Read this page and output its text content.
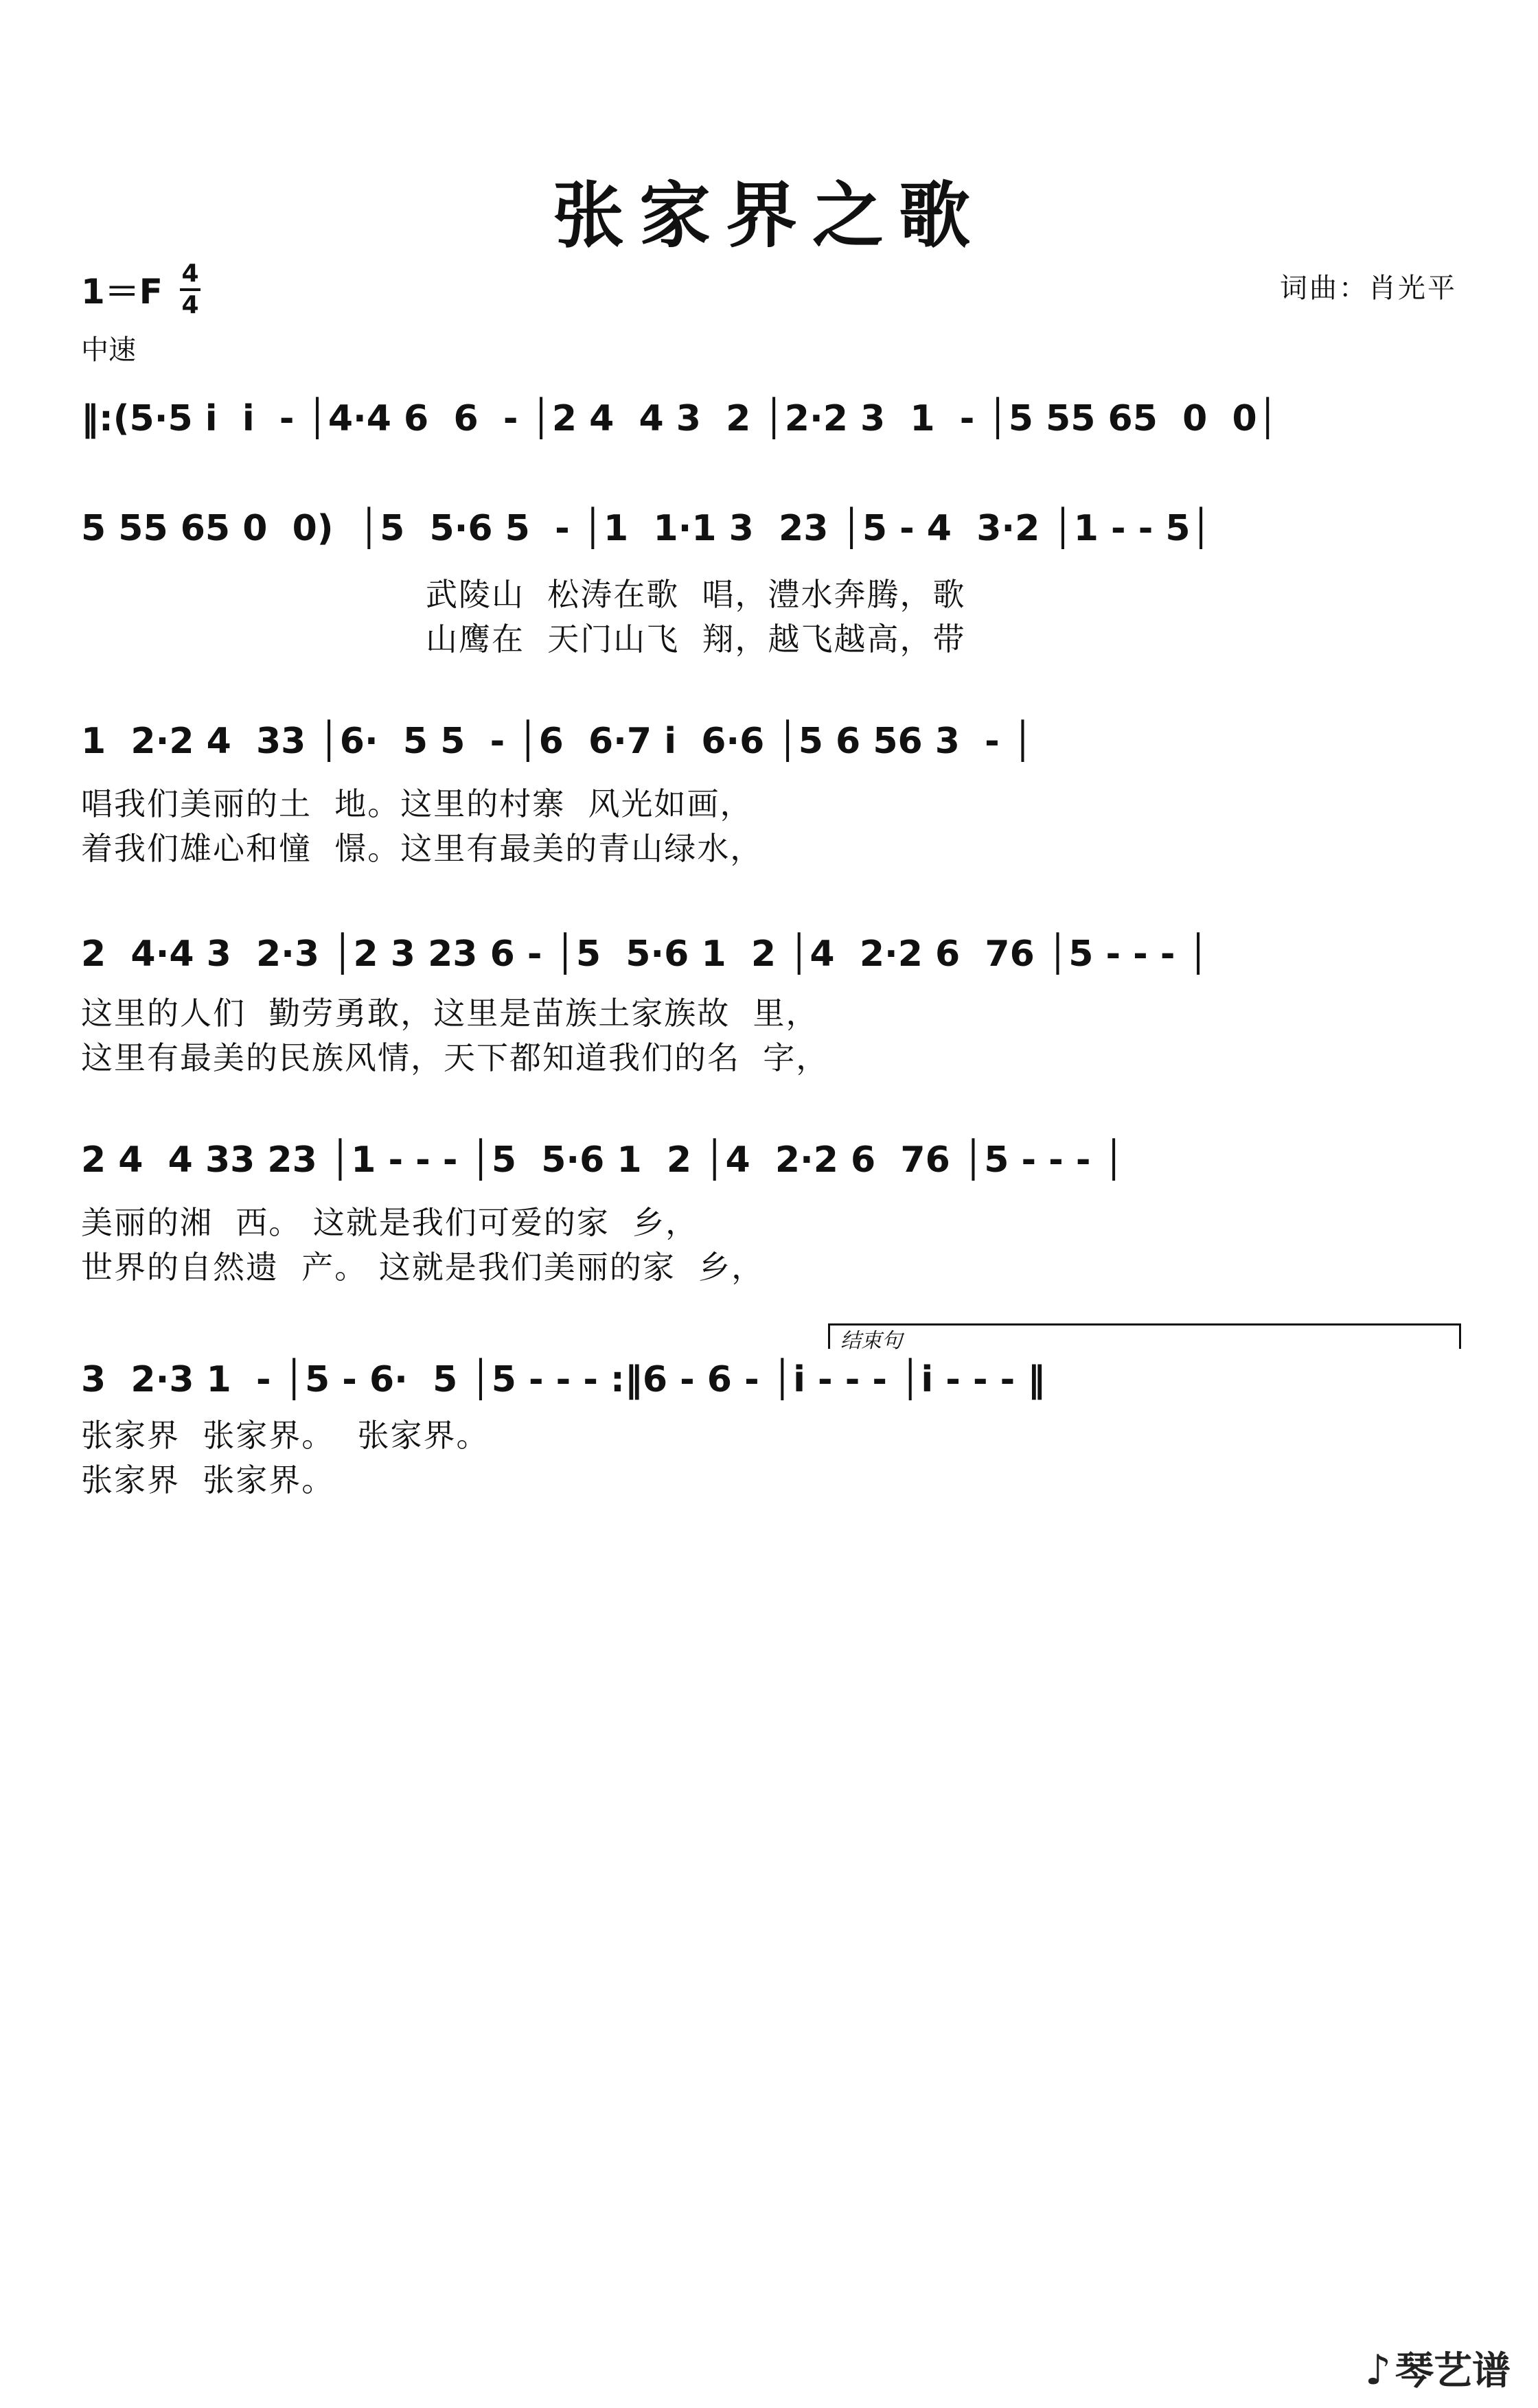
张家界之歌
1＝F 4
4
中速
词曲：肖光平
‖:(5·5 i  i  - │4·4 6  6  - │2 4  4 3  2 │2·2 3  1  - │5 55 65  0  0│
5 55 65 0  0)  │5  5·6 5  - │1  1·1 3  23 │5 - 4  3·2 │1 - - 5│
武陵山  松涛在歌  唱，澧水奔腾，歌
山鹰在  天门山飞  翔，越飞越高，带
1  2·2 4  33 │6·  5 5  - │6  6·7 i  6·6 │5 6 56 3  - │
唱我们美丽的土  地。这里的村寨  风光如画，
着我们雄心和憧  憬。这里有最美的青山绿水，
2  4·4 3  2·3 │2 3 23 6 - │5  5·6 1  2 │4  2·2 6  76 │5 - - - │
这里的人们  勤劳勇敢，这里是苗族土家族故  里，
这里有最美的民族风情，天下都知道我们的名  字，
2 4  4 33 23 │1 - - - │5  5·6 1  2 │4  2·2 6  76 │5 - - - │
美丽的湘  西。 这就是我们可爱的家  乡，
世界的自然遗  产。 这就是我们美丽的家  乡，
结束句
3  2·3 1  - │5 - 6·  5 │5 - - - :‖6 - 6 - │i - - - │i - - - ‖
张家界  张家界。  张家界。
张家界  张家界。
♪ 琴艺谱
